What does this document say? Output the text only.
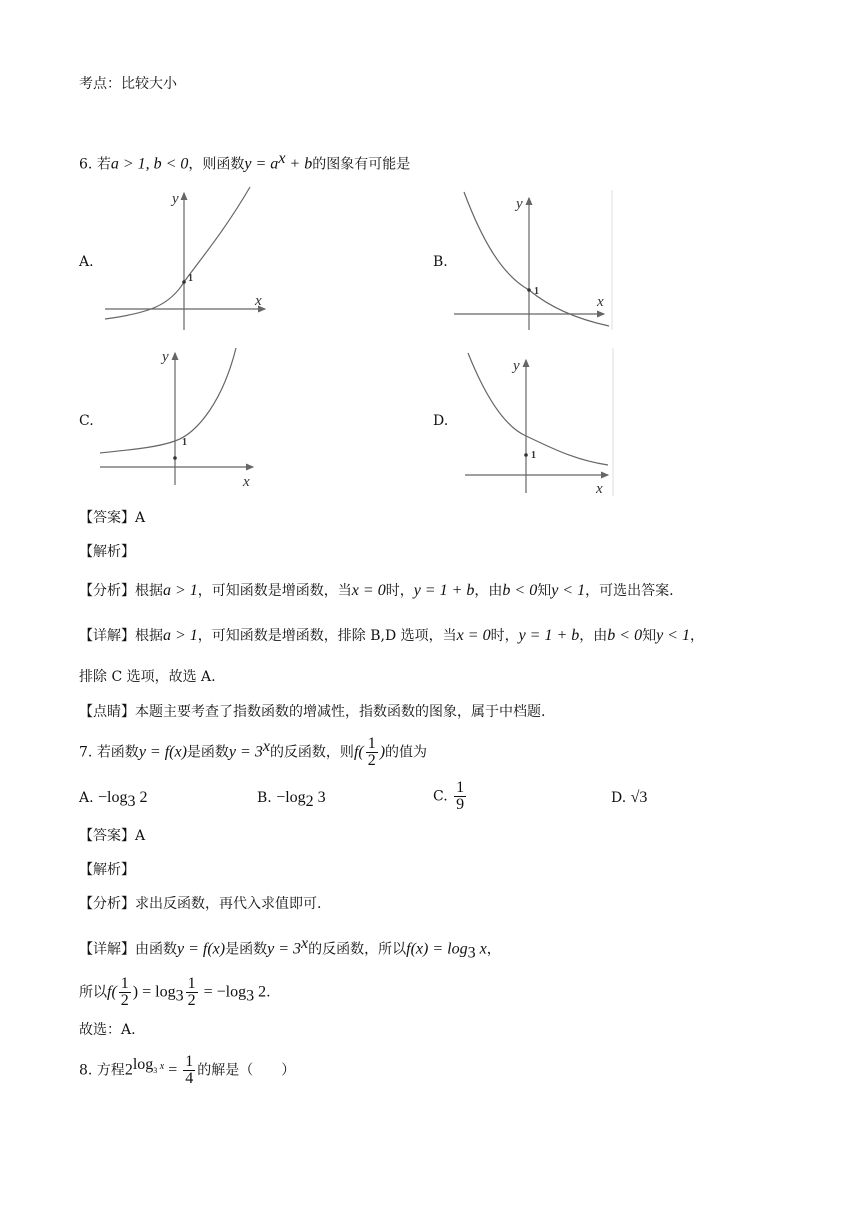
考点：比较大小
6. 若a > 1, b < 0，则函数$y = a^x + b$的图象有可能是
A.	B.
C.	D.
1
x
y
1
x
y
1
x
y
1
x
y
【答案】A
【解析】
【分析】根据a > 1，可知函数是增函数，当x = 0时，y = 1 + b，由b < 0知y < 1，可选出答案.
【详解】根据a > 1，可知函数是增函数，排除 B,D 选项，当x = 0时，y = 1 + b，由b < 0知y < 1，
排除 C 选项，故选 A.
【点睛】本题主要考查了指数函数的增减性，指数函数的图象，属于中档题.
7. 若函数y = f(x)是函数$y = 3^x$的反函数，则$f( \frac{1}{2}$ )的值为
A. $-\log_3$ 2	B. $-\log_2$ 3	C. $\frac{1}{9}$	D. √3
【答案】A
【解析】
【分析】求出反函数，再代入求值即可.
【详解】由函数y = f(x)是函数$y = 3^x$的反函数，所以$f(x) = \log_3 x$，
所以$f( \frac{1}{2}$ ) = $\log_3 \frac{1}{2} = -\log_3$ 2.
故选：A.
8. 方程$2^{log_3 x} = \frac{1}{4}$ 的解是（　　）
